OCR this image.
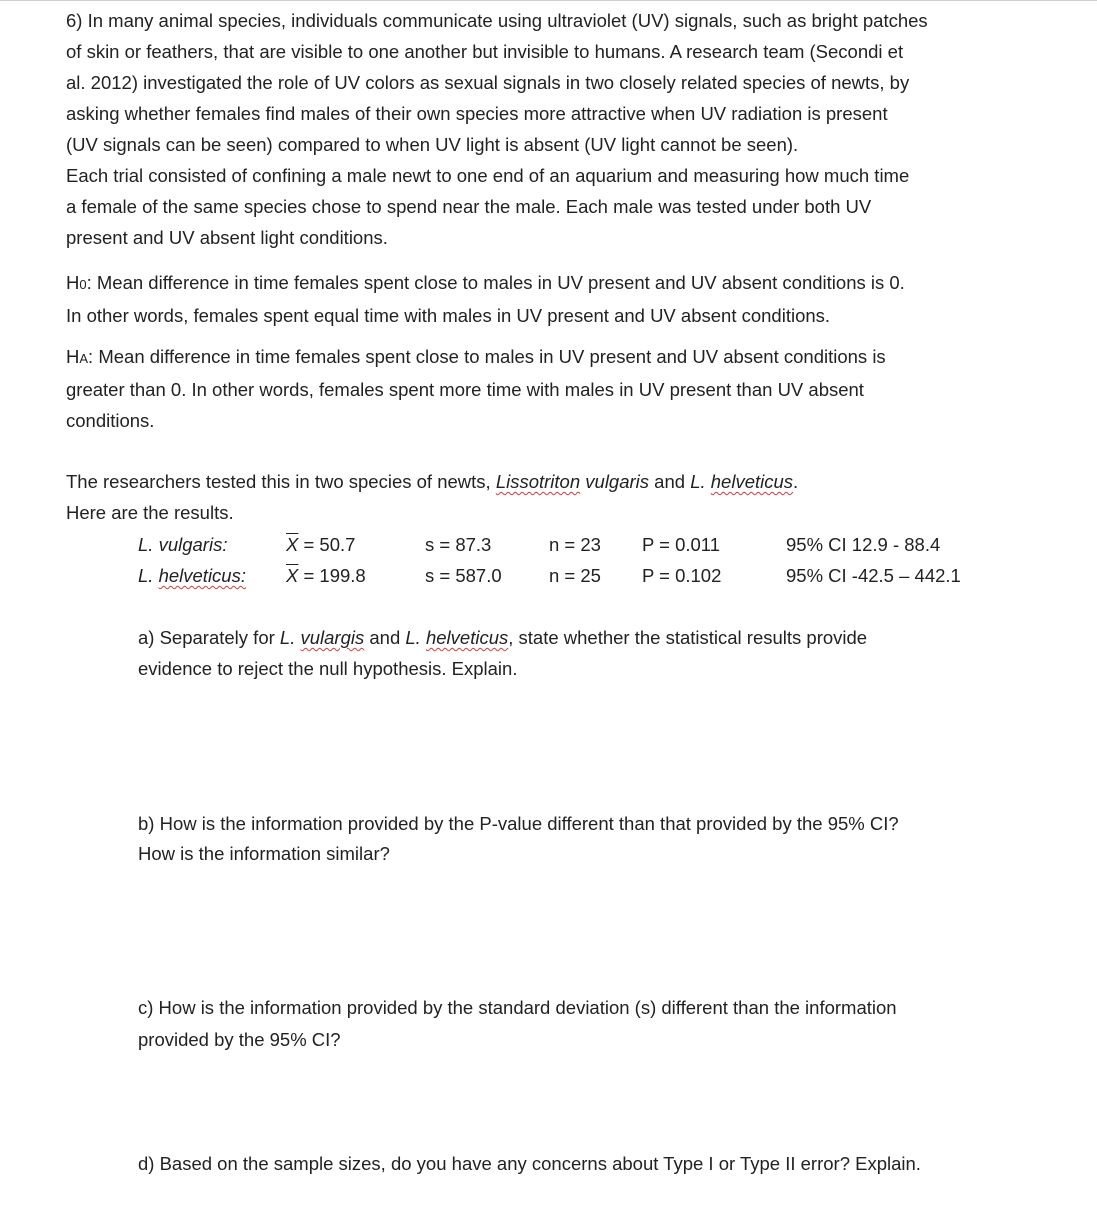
6) In many animal species, individuals communicate using ultraviolet (UV) signals, such as bright patches
of skin or feathers, that are visible to one another but invisible to humans. A research team (Secondi et
al. 2012) investigated the role of UV colors as sexual signals in two closely related species of newts, by
asking whether females find males of their own species more attractive when UV radiation is present
(UV signals can be seen) compared to when UV light is absent (UV light cannot be seen).
Each trial consisted of confining a male newt to one end of an aquarium and measuring how much time
a female of the same species chose to spend near the male. Each male was tested under both UV
present and UV absent light conditions.
H0: Mean difference in time females spent close to males in UV present and UV absent conditions is 0.
In other words, females spent equal time with males in UV present and UV absent conditions.
HA: Mean difference in time females spent close to males in UV present and UV absent conditions is
greater than 0. In other words, females spent more time with males in UV present than UV absent
conditions.
The researchers tested this in two species of newts, Lissotriton vulgaris and L. helveticus.
Here are the results.
L. vulgaris:	$\overline{X} = 50.7$	s = 87.3	n = 23 P = 0.011	95% CI 12.9 - 88.4
L. helveticus: $\overline{X} = 199.8$	s = 587.0	n = 25 P = 0.102	95% CI -42.5 – 442.1
a) Separately for L. vulargis and L. helveticus, state whether the statistical results provide
evidence to reject the null hypothesis. Explain.
b) How is the information provided by the P-value different than that provided by the 95% CI?
How is the information similar?
c) How is the information provided by the standard deviation (s) different than the information
provided by the 95% CI?
d) Based on the sample sizes, do you have any concerns about Type I or Type II error? Explain.
